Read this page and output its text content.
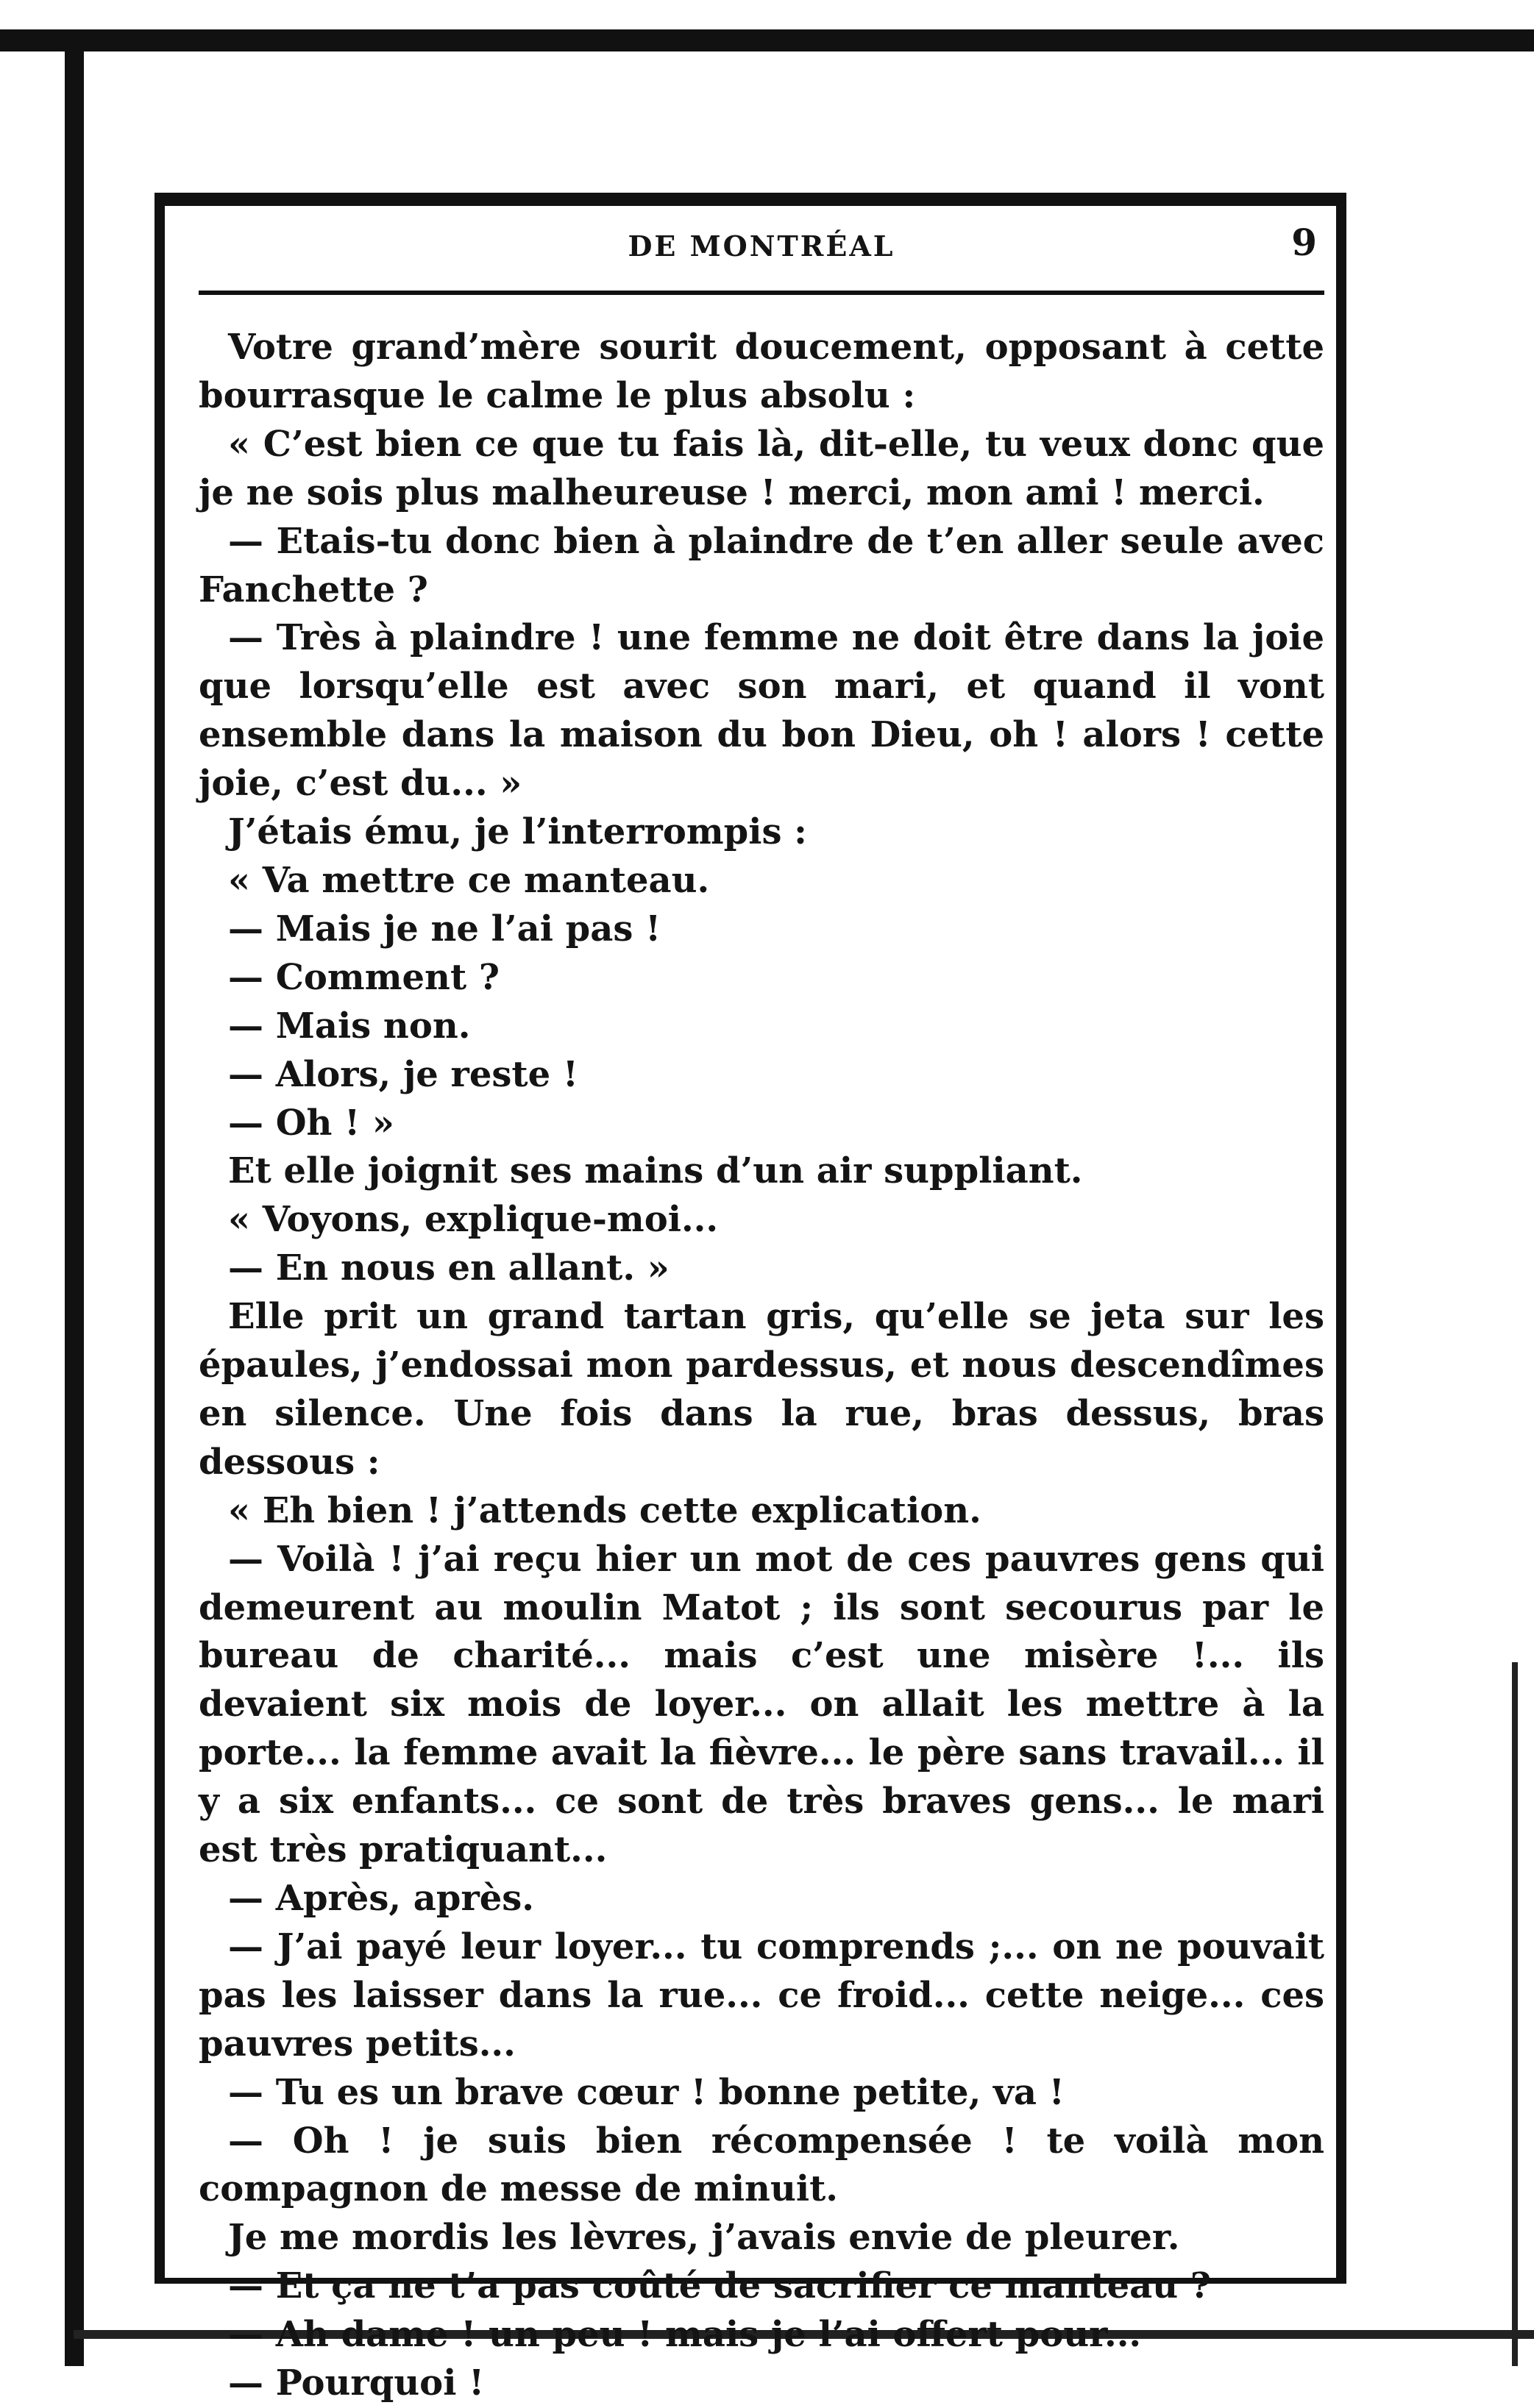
DE MONTRÉAL	9

Votre grand’mère sourit doucement, opposant à cette bourrasque le calme le plus absolu :

« C’est bien ce que tu fais là, dit-elle, tu veux donc que je ne sois plus malheureuse ! merci, mon ami ! merci.

— Etais-tu donc bien à plaindre de t’en aller seule avec Fanchette ?

— Très à plaindre ! une femme ne doit être dans la joie que lorsqu’elle est avec son mari, et quand il vont ensemble dans la maison du bon Dieu, oh ! alors ! cette joie, c’est du... »

J’étais ému, je l’interrompis :

« Va mettre ce manteau.

— Mais je ne l’ai pas !

— Comment ?

— Mais non.

— Alors, je reste !

— Oh ! »

Et elle joignit ses mains d’un air suppliant.

« Voyons, explique-moi...

— En nous en allant. »

Elle prit un grand tartan gris, qu’elle se jeta sur les épaules, j’endossai mon pardessus, et nous descendîmes en silence. Une fois dans la rue, bras dessus, bras dessous :

« Eh bien ! j’attends cette explication.

— Voilà ! j’ai reçu hier un mot de ces pauvres gens qui demeurent au moulin Matot ; ils sont secourus par le bureau de charité... mais c’est une misère !... ils devaient six mois de loyer... on allait les mettre à la porte... la femme avait la fièvre... le père sans travail... il y a six enfants... ce sont de très braves gens... le mari est très pratiquant...

— Après, après.

— J’ai payé leur loyer... tu comprends ;... on ne pouvait pas les laisser dans la rue... ce froid... cette neige... ces pauvres petits...

— Tu es un brave cœur ! bonne petite, va !

— Oh ! je suis bien récompensée ! te voilà mon compagnon de messe de minuit.

Je me mordis les lèvres, j’avais envie de pleurer.

— Et ça ne t’a pas coûté de sacrifier ce manteau ?

— Ah dame ! un peu ! mais je l’ai offert pour...

— Pourquoi !
